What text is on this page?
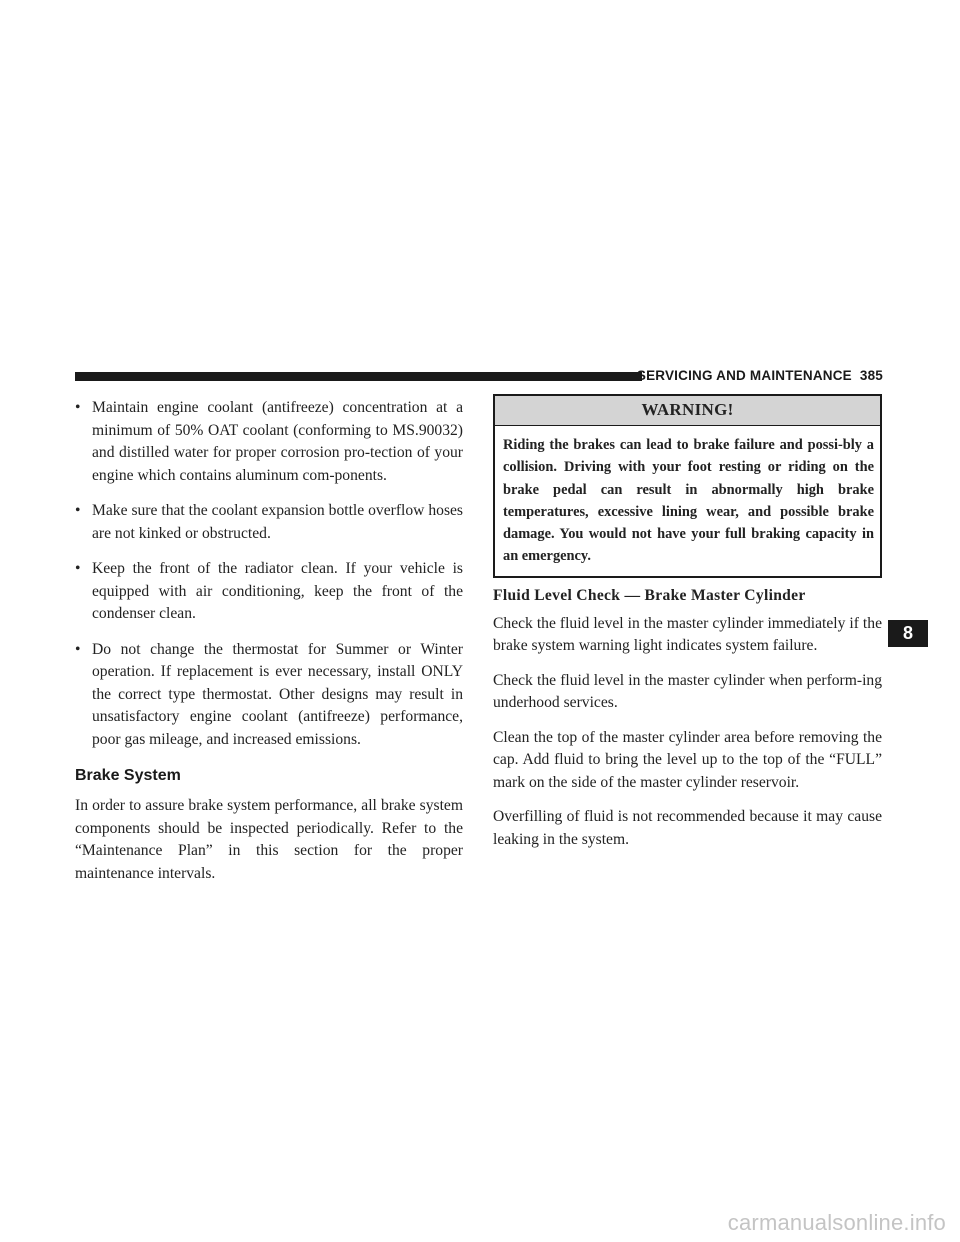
SERVICING AND MAINTENANCE 385
• Maintain engine coolant (antifreeze) concentration at a minimum of 50% OAT coolant (conforming to MS.90032) and distilled water for proper corrosion pro-tection of your engine which contains aluminum com-ponents.
• Make sure that the coolant expansion bottle overflow hoses are not kinked or obstructed.
• Keep the front of the radiator clean. If your vehicle is equipped with air conditioning, keep the front of the condenser clean.
• Do not change the thermostat for Summer or Winter operation. If replacement is ever necessary, install ONLY the correct type thermostat. Other designs may result in unsatisfactory engine coolant (antifreeze) performance, poor gas mileage, and increased emissions.
Brake System

In order to assure brake system performance, all brake system components should be inspected periodically. Refer to the “Maintenance Plan” in this section for the proper maintenance intervals.

WARNING!
Riding the brakes can lead to brake failure and possi-bly a collision. Driving with your foot resting or riding on the brake pedal can result in abnormally high brake temperatures, excessive lining wear, and possible brake damage. You would not have your full braking capacity in an emergency.
Fluid Level Check — Brake Master Cylinder

Check the fluid level in the master cylinder immediately if the brake system warning light indicates system failure.

Check the fluid level in the master cylinder when perform-ing underhood services.

Clean the top of the master cylinder area before removing the cap. Add fluid to bring the level up to the top of the “FULL” mark on the side of the master cylinder reservoir.

Overfilling of fluid is not recommended because it may cause leaking in the system.

8
carmanualsonline.info
